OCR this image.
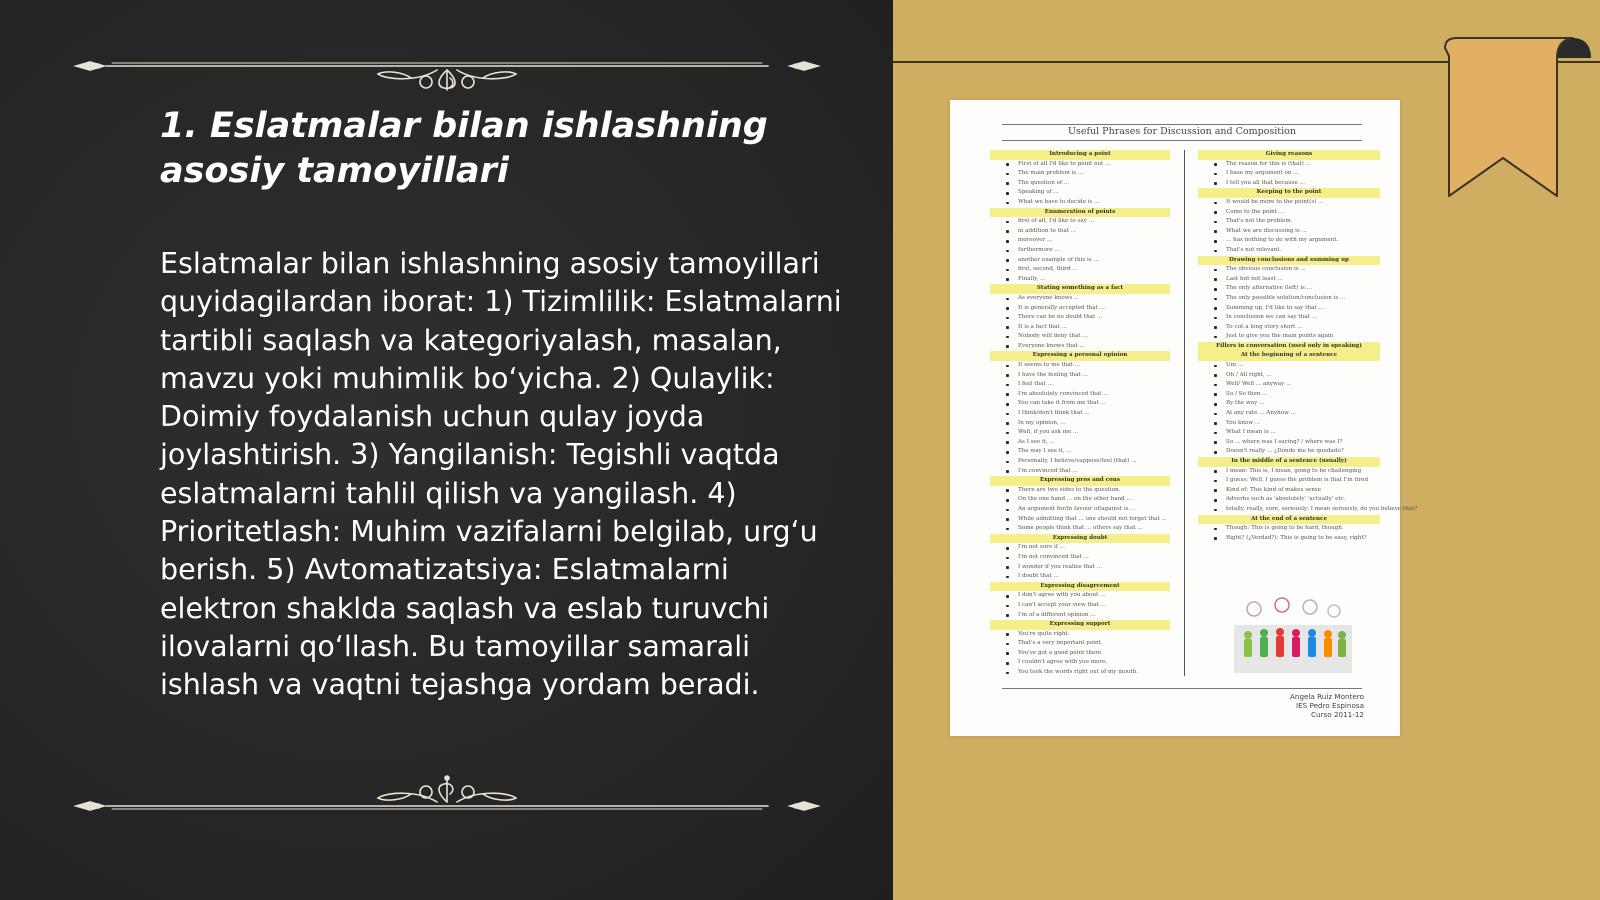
1. Eslatmalar bilan ishlashning asosiy tamoyillari

Eslatmalar bilan ishlashning asosiy tamoyillari quyidagilardan iborat: 1) Tizimlilik: Eslatmalarni tartibli saqlash va kategoriyalash, masalan, mavzu yoki muhimlik bo‘yicha. 2) Qulaylik: Doimiy foydalanish uchun qulay joyda joylashtirish. 3) Yangilanish: Tegishli vaqtda eslatmalarni tahlil qilish va yangilash. 4) Prioritetlash: Muhim vazifalarni belgilab, urg‘u berish. 5) Avtomatizatsiya: Eslatmalarni elektron shaklda saqlash va eslab turuvchi ilovalarni qo‘llash. Bu tamoyillar samarali ishlash va vaqtni tejashga yordam beradi.

Useful Phrases for Discussion and Composition
Introducing a point
First of all I'd like to point out ...
The main problem is ...
The question of ...
Speaking of ...
What we have to decide is ...
Enumeration of points
first of all, I'd like to say ...
in addition to that ...
moreover ...
furthermore ...
another example of this is ...
first, second, third ...
Finally, ...
Stating something as a fact
As everyone knows ...
It is generally accepted that ...
There can be no doubt that ...
It is a fact that ...
Nobody will deny that ...
Everyone knows that ...
Expressing a personal opinion
It seems to me that ...
I have the feeling that ...
I feel that ...
I'm absolutely convinced that ...
You can take it from me that ...
I think/don't think that ...
In my opinion, ...
Well, if you ask me ...
As I see it, ...
The way I see it, ...
Personally, I believe/suppose/feel (that) ...
I'm convinced that ...
Expressing pros and cons
There are two sides to the question.
On the one hand ... on the other hand ...
An argument for/in favour of/against is ...
While admitting that ... one should not forget that ...
Some people think that ... others say that ...
Expressing doubt
I'm not sure if ...
I'm not convinced that ...
I wonder if you realize that ...
I doubt that ...
Expressing disagreement
I don't agree with you about ...
I can't accept your view that ...
I'm of a different opinion ...
Expressing support
You're quite right.
That's a very important point.
You've got a good point there.
I couldn't agree with you more.
You took the words right out of my mouth.
Giving reasons
The reason for this is (that) ...
I base my argument on ...
I tell you all that because ...
Keeping to the point
It would be more to the point(s) ...
Come to the point ...
That's not the problem.
What we are discussing is ...
... has nothing to do with my argument.
That's not relevant.
Drawing conclusions and summing up
The obvious conclusion is ...
Last but not least ...
The only alternative (left) is ...
The only possible solution/conclusion is ...
Summing up, I'd like to say that ...
In conclusion we can say that ...
To cut a long story short ...
Just to give you the main points again
Fillers in conversation (used only in speaking)
At the beginning of a sentence
Um ...
Oh / All right, ...
Well/ Well ... anyway ...
So / So then ...
By the way ...
At any rate ... Anyhow ...
You know ...
What I mean is ...
So ... where was I saying? / where was I?
Doesn't really ... ¿Dónde me he quedado?
In the middle of a sentence (usually)
I mean: This is, I mean, going to be challenging
I guess: Well, I guess the problem is that I'm tired
Kind of: This kind of makes sense
Adverbs such as 'absolutely' 'actually' etc.
totally, really, sure, seriously: I mean seriously, do you believe that?
At the end of a sentence
Though: This is going to be hard, though.
Right? (¿Verdad?): This is going to be easy, right?
Angela Ruiz Montero
IES Pedro Espinosa
Curso 2011-12
